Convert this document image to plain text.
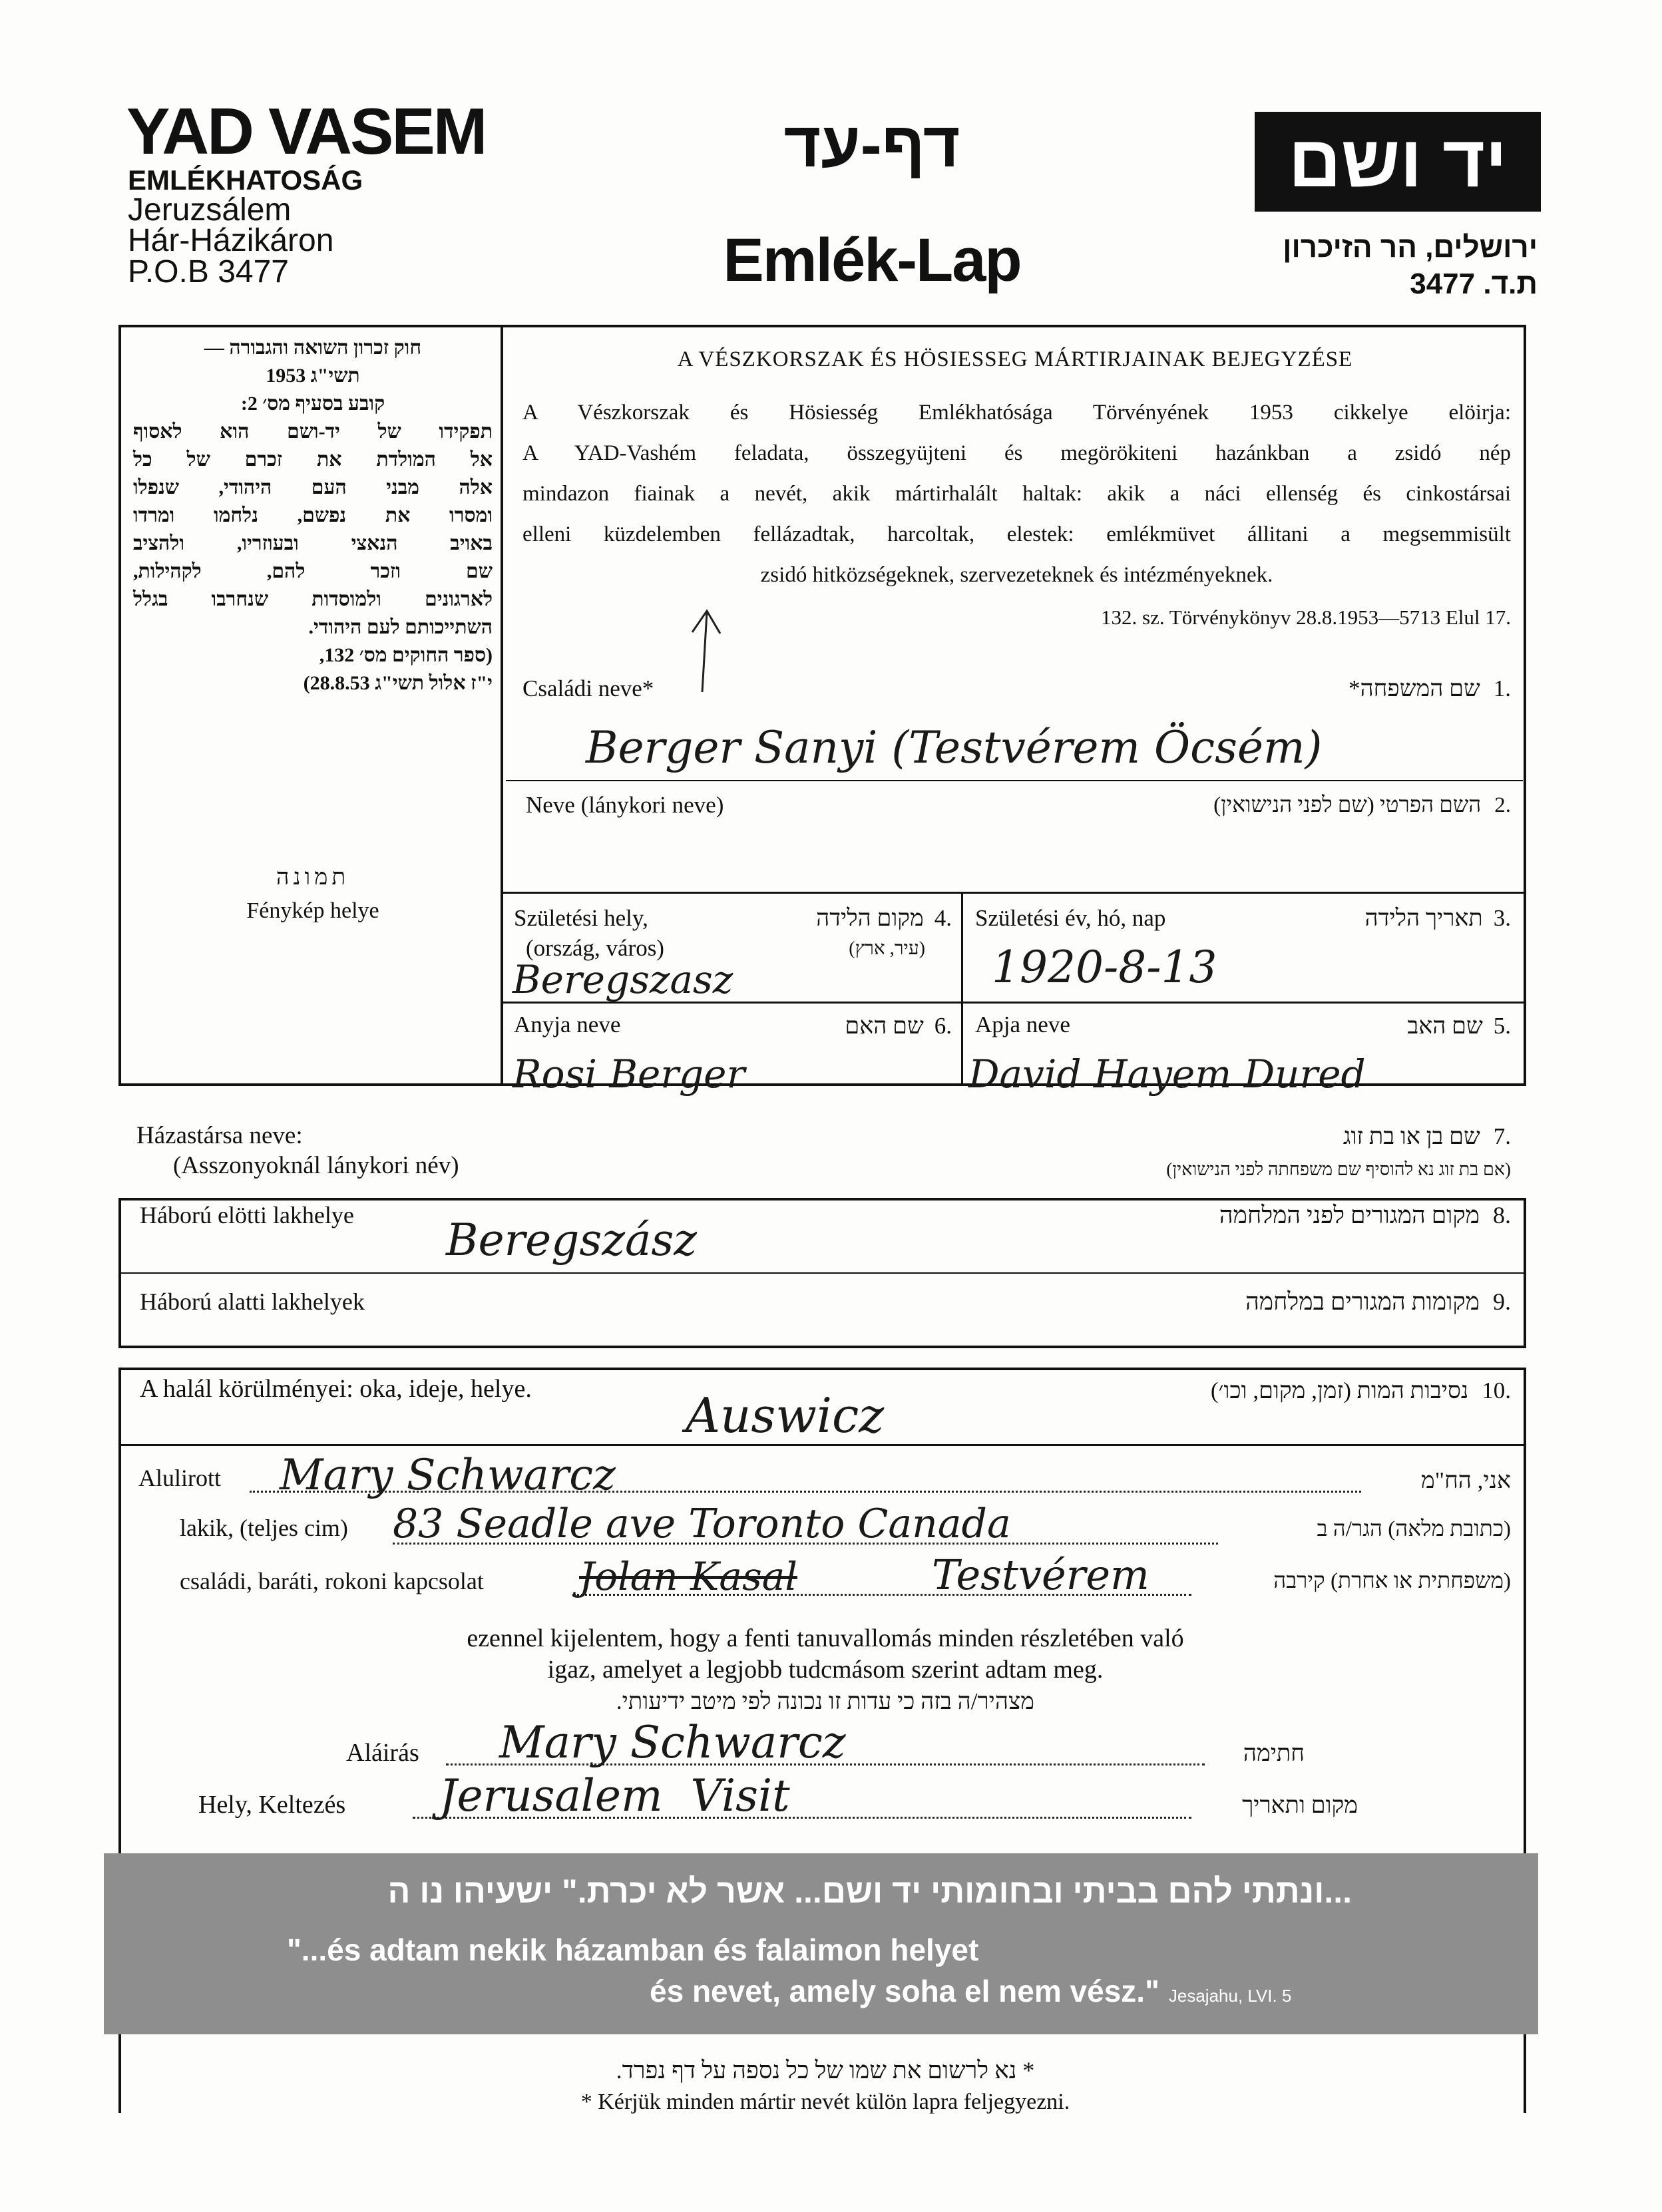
YAD VASEM
EMLÉKHATOSÁG
Jeruzsálem
Hár-Házikáron
P.O.B 3477
דף-עד
Emlék-Lap
יד ושם
ירושלים, הר הזיכרון
ת.ד. 3477
חוק זכרון השואה והגבורה —
תשי"ג 1953
קובע בסעיף מס׳ 2:
תפקידו של יד-ושם הוא לאסוף
אל המולדת את זכרם של כל
אלה מבני העם היהודי, שנפלו
ומסרו את נפשם, נלחמו ומרדו
באויב הנאצי ובעוזריו, ולהציב
שם וזכר להם, לקהילות,
לארגונים ולמוסדות שנחרבו בגלל
השתייכותם לעם היהודי.
(ספר החוקים מס׳ 132,
י"ז אלול תשי"ג 28.8.53)
תמונה
Fénykép helye
A VÉSZKORSZAK ÉS HÖSIESSEG MÁRTIRJAINAK BEJEGYZÉSE
A Vészkorszak és Hösiesség Emlékhatósága Törvényének 1953 cikkelye elöirja:
A YAD-Vashém feladata, összegyüjteni és megörökiteni hazánkban a zsidó nép
mindazon fiainak a nevét, akik mártirhalált haltak: akik a náci ellenség és cinkostársai
elleni küzdelemben fellázadtak, harcoltak, elestek: emlékmüvet állitani a megsemmisült
zsidó hitközségeknek, szervezeteknek és intézményeknek.
132. sz. Törvénykönyv 28.8.1953—5713 Elul 17.
Családi neve*	.1שם המשפחה*
Berger Sanyi (Testvérem Öcsém)
Neve (lánykori neve)	.2השם הפרטי (שם לפני הנישואין)
Születési hely,
(ország, város)
.4מקום הלידה
(עיר, ארץ)
Beregszasz
Születési év, hó, nap	.3תאריך הלידה
1920-8-13
Anyja neve	.6שם האם
Rosi Berger
Apja neve	.5שם האב
David Hayem Dured
Házastársa neve:
(Asszonyoknál lánykori név)
.7שם בן או בת זוג
(אם בת זוג נא להוסיף שם משפחתה לפני הנישואין)
Háború elötti lakhelye	.8מקום המגורים לפני המלחמה
Beregszász
Háború alatti lakhelyek	.9מקומות המגורים במלחמה
A halál körülményei: oka, ideje, helye.	.10נסיבות המות (זמן, מקום, וכו׳)
Auswicz
Alulirott Mary Schwarcz	אני, הח"מ
lakik, (teljes cim) 83 Seadle ave Toronto Canada	(כתובת מלאה) הגר/ה ב
családi, baráti, rokoni kapcsolat Jolan Kasal	Testvérem	(משפחתית או אחרת) קירבה
ezennel kijelentem, hogy a fenti tanuvallomás minden részletében való
igaz, amelyet a legjobb tudcmásom szerint adtam meg.
מצהיר/ה בזה כי עדות זו נכונה לפי מיטב ידיעותי.
Aláirás Mary Schwarcz	חתימה
Hely, Keltezés Jerusalem  Visit	מקום ותאריך
...ונתתי להם בביתי ובחומותי יד ושם... אשר לא יכרת." ישעיהו נו ה
"...és adtam nekik házamban és falaimon helyet
és nevet, amely soha el nem vész." Jesajahu, LVI. 5
* נא לרשום את שמו של כל נספה על דף נפרד.
* Kérjük minden mártir nevét külön lapra feljegyezni.
